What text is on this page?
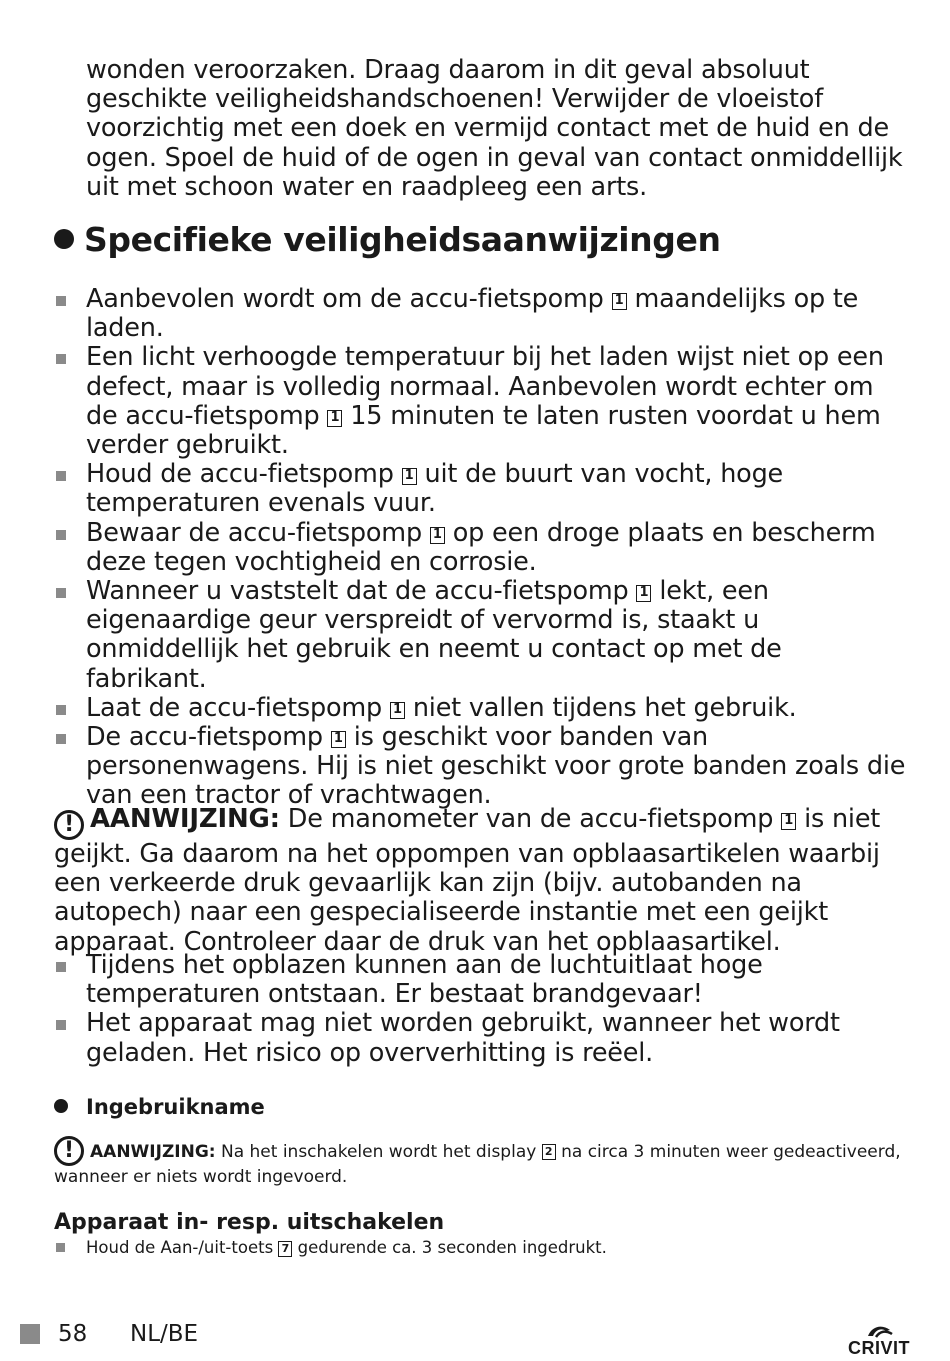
wonden veroorzaken. Draag daarom in dit geval absoluut geschikte veiligheidshandschoenen! Verwijder de vloeistof voorzichtig met een doek en vermijd contact met de huid en de ogen. Spoel de huid of de ogen in geval van contact onmiddellijk uit met schoon water en raadpleeg een arts.
Specifieke veiligheidsaanwijzingen
Aanbevolen wordt om de accu-fietspomp 1 maandelijks op te laden.
Een licht verhoogde temperatuur bij het laden wijst niet op een defect, maar is volledig normaal. Aanbevolen wordt echter om de accu-fietspomp 1 15 minuten te laten rusten voordat u hem verder gebruikt.
Houd de accu-fietspomp 1 uit de buurt van vocht, hoge temperaturen evenals vuur.
Bewaar de accu-fietspomp 1 op een droge plaats en bescherm deze tegen vochtigheid en corrosie.
Wanneer u vaststelt dat de accu-fietspomp 1 lekt, een eigenaardige geur verspreidt of vervormd is, staakt u onmiddellijk het gebruik en neemt u contact op met de fabrikant.
Laat de accu-fietspomp 1 niet vallen tijdens het gebruik.
De accu-fietspomp 1 is geschikt voor banden van personenwagens. Hij is niet geschikt voor grote banden zoals die van een tractor of vrachtwagen.
! AANWIJZING: De manometer van de accu-fietspomp 1 is niet geijkt. Ga daarom na het oppompen van opblaasartikelen waarbij een verkeerde druk gevaarlijk kan zijn (bijv. autobanden na autopech) naar een gespecialiseerde instantie met een geijkt apparaat. Controleer daar de druk van het opblaasartikel.
Tijdens het opblazen kunnen aan de luchtuitlaat hoge temperaturen ontstaan. Er bestaat brandgevaar!
Het apparaat mag niet worden gebruikt, wanneer het wordt geladen. Het risico op oververhitting is reëel.
Ingebruikname
! AANWIJZING: Na het inschakelen wordt het display 2 na circa 3 minuten weer gedeactiveerd, wanneer er niets wordt ingevoerd.
Apparaat in- resp. uitschakelen
Houd de Aan-/uit-toets 7 gedurende ca. 3 seconden ingedrukt.
58 NL/BE
CRIVIT
